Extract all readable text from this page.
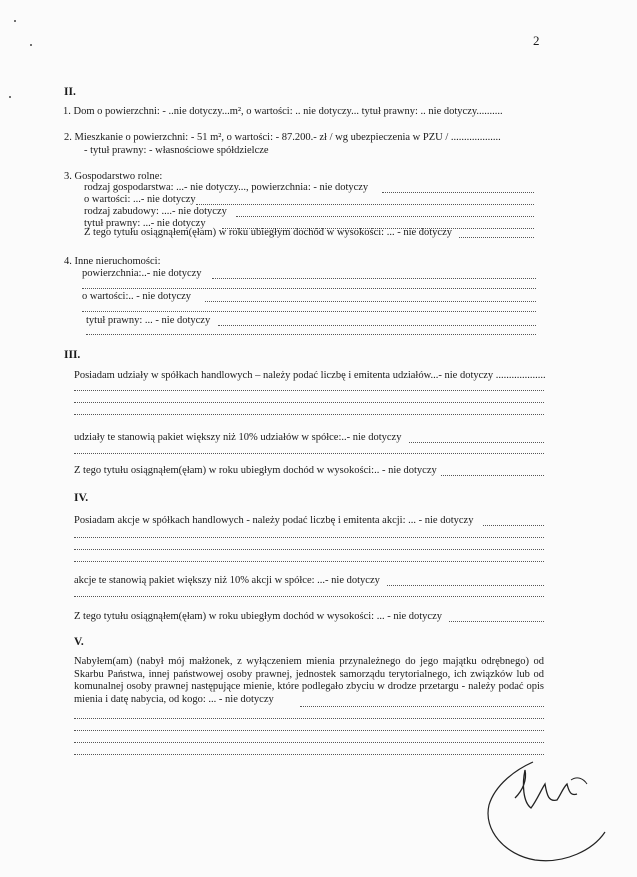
2
II.
1. Dom o powierzchni: - ..nie dotyczy...m², o wartości: .. nie dotyczy... tytuł prawny: .. nie dotyczy..........
2. Mieszkanie o powierzchni: - 51 m², o wartości: - 87.200.- zł / wg ubezpieczenia w PZU / ...................
- tytuł prawny: - własnościowe spółdzielcze
3. Gospodarstwo rolne:
rodzaj gospodarstwa: ...- nie dotyczy..., powierzchnia: - nie dotyczy
o wartości: ...- nie dotyczy
rodzaj zabudowy: ....- nie dotyczy
tytuł prawny: ...- nie dotyczy
Z tego tytułu osiągnąłem(ęłam) w roku ubiegłym dochód w wysokości: ... - nie dotyczy
4. Inne nieruchomości:
powierzchnia:..- nie dotyczy
o wartości:.. - nie dotyczy
tytuł prawny: ... - nie dotyczy
III.
Posiadam udziały w spółkach handlowych – należy podać liczbę i emitenta udziałów...- nie dotyczy ...................
udziały te stanowią pakiet większy niż 10% udziałów w spółce:..- nie dotyczy
Z tego tytułu osiągnąłem(ęłam) w roku ubiegłym dochód w wysokości:.. - nie dotyczy
IV.
Posiadam akcje w spółkach handlowych - należy podać liczbę i emitenta akcji: ... - nie dotyczy
akcje te stanowią pakiet większy niż 10% akcji w spółce: ...- nie dotyczy
Z tego tytułu osiągnąłem(ęłam) w roku ubiegłym dochód w wysokości: ... - nie dotyczy
V.
Nabyłem(am) (nabył mój małżonek, z wyłączeniem mienia przynależnego do jego majątku odrębnego) od Skarbu Państwa, innej państwowej osoby prawnej, jednostek samorządu terytorialnego, ich związków lub od komunalnej osoby prawnej następujące mienie, które podlegało zbyciu w drodze przetargu - należy podać opis mienia i datę nabycia, od kogo: ... - nie dotyczy
